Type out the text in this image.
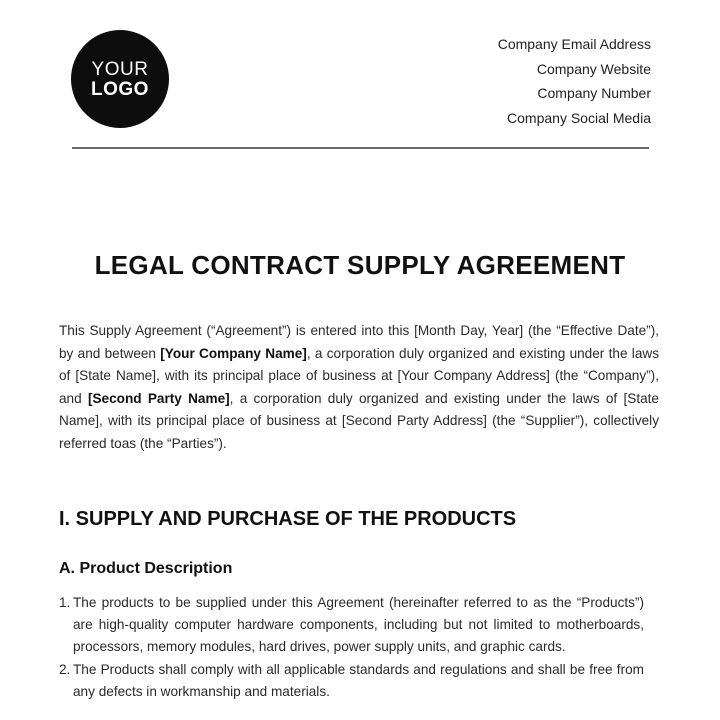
YOUR
LOGO
Company Email Address
Company Website
Company Number
Company Social Media
LEGAL CONTRACT SUPPLY AGREEMENT
This Supply Agreement (“Agreement”) is entered into this [Month Day, Year] (the “Effective Date”), by and between [Your Company Name], a corporation duly organized and existing under the laws of [State Name], with its principal place of business at [Your Company Address] (the “Company”), and [Second Party Name], a corporation duly organized and existing under the laws of [State Name], with its principal place of business at [Second Party Address] (the “Supplier”), collectively referred toas (the “Parties”).
I. SUPPLY AND PURCHASE OF THE PRODUCTS
A. Product Description
1. The products to be supplied under this Agreement (hereinafter referred to as the “Products”) are high-quality computer hardware components, including but not limited to motherboards, processors, memory modules, hard drives, power supply units, and graphic cards.
2. The Products shall comply with all applicable standards and regulations and shall be free from any defects in workmanship and materials.
